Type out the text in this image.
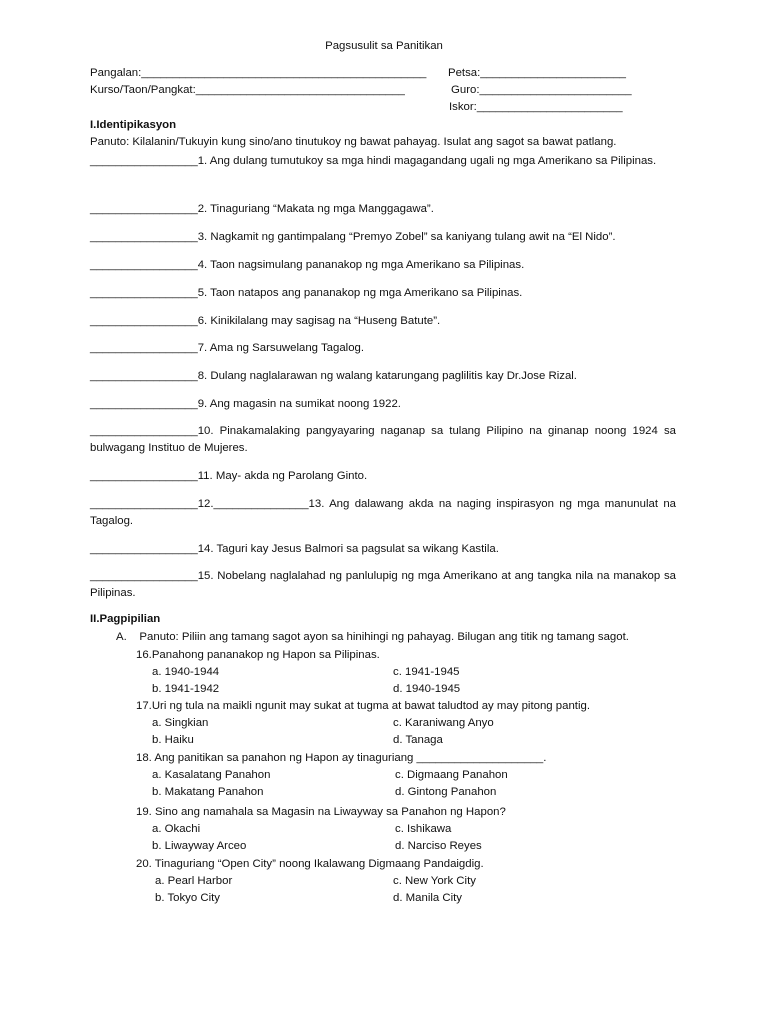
Pagsusulit sa Panitikan
Pangalan:_____________________________________________
Kurso/Taon/Pangkat:_________________________________
Petsa:_______________________
Guro:________________________
Iskor:_______________________
I.Identipikasyon
Panuto: Kilalanin/Tukuyin kung sino/ano tinutukoy ng bawat pahayag. Isulat ang sagot sa bawat patlang.
_________________1. Ang dulang tumutukoy sa mga hindi magagandang ugali ng mga Amerikano sa Pilipinas.
_________________2. Tinaguriang “Makata ng mga Manggagawa”.
_________________3. Nagkamit ng gantimpalang “Premyo Zobel” sa kaniyang tulang awit na “El Nido”.
_________________4. Taon nagsimulang pananakop ng mga Amerikano sa Pilipinas.
_________________5. Taon natapos ang pananakop ng mga Amerikano sa Pilipinas.
_________________6. Kinikilalang may sagisag na “Huseng Batute”.
_________________7. Ama ng Sarsuwelang Tagalog.
_________________8. Dulang naglalarawan ng walang katarungang paglilitis kay Dr.Jose Rizal.
_________________9. Ang magasin na sumikat noong 1922.
_________________10. Pinakamalaking pangyayaring naganap sa tulang Pilipino na ginanap noong 1924 sa bulwagang Instituo de Mujeres.
_________________11. May- akda ng Parolang Ginto.
_________________12._______________13. Ang dalawang akda na naging inspirasyon ng mga manunulat na Tagalog.
_________________14. Taguri kay Jesus Balmori sa pagsulat sa wikang Kastila.
_________________15. Nobelang naglalahad ng panlulupig ng mga Amerikano at ang tangka nila na manakop sa Pilipinas.
II.Pagpipilian
A.    Panuto: Piliin ang tamang sagot ayon sa hinihingi ng pahayag. Bilugan ang titik ng tamang sagot.
16.Panahong pananakop ng Hapon sa Pilipinas.
a. 1940-1944	c. 1941-1945
b. 1941-1942	d. 1940-1945
17.Uri ng tula na maikli ngunit may sukat at tugma at bawat taludtod ay may pitong pantig.
a. Singkian	c. Karaniwang Anyo
b. Haiku	d. Tanaga
18. Ang panitikan sa panahon ng Hapon ay tinaguriang ____________________.
a. Kasalatang Panahon	c. Digmaang Panahon
b. Makatang Panahon	d. Gintong Panahon
19. Sino ang namahala sa Magasin na Liwayway sa Panahon ng Hapon?
a. Okachi	c. Ishikawa
b. Liwayway Arceo	d. Narciso Reyes
20. Tinaguriang “Open City” noong Ikalawang Digmaang Pandaigdig.
a. Pearl Harbor	c. New York City
b. Tokyo City	d. Manila City
